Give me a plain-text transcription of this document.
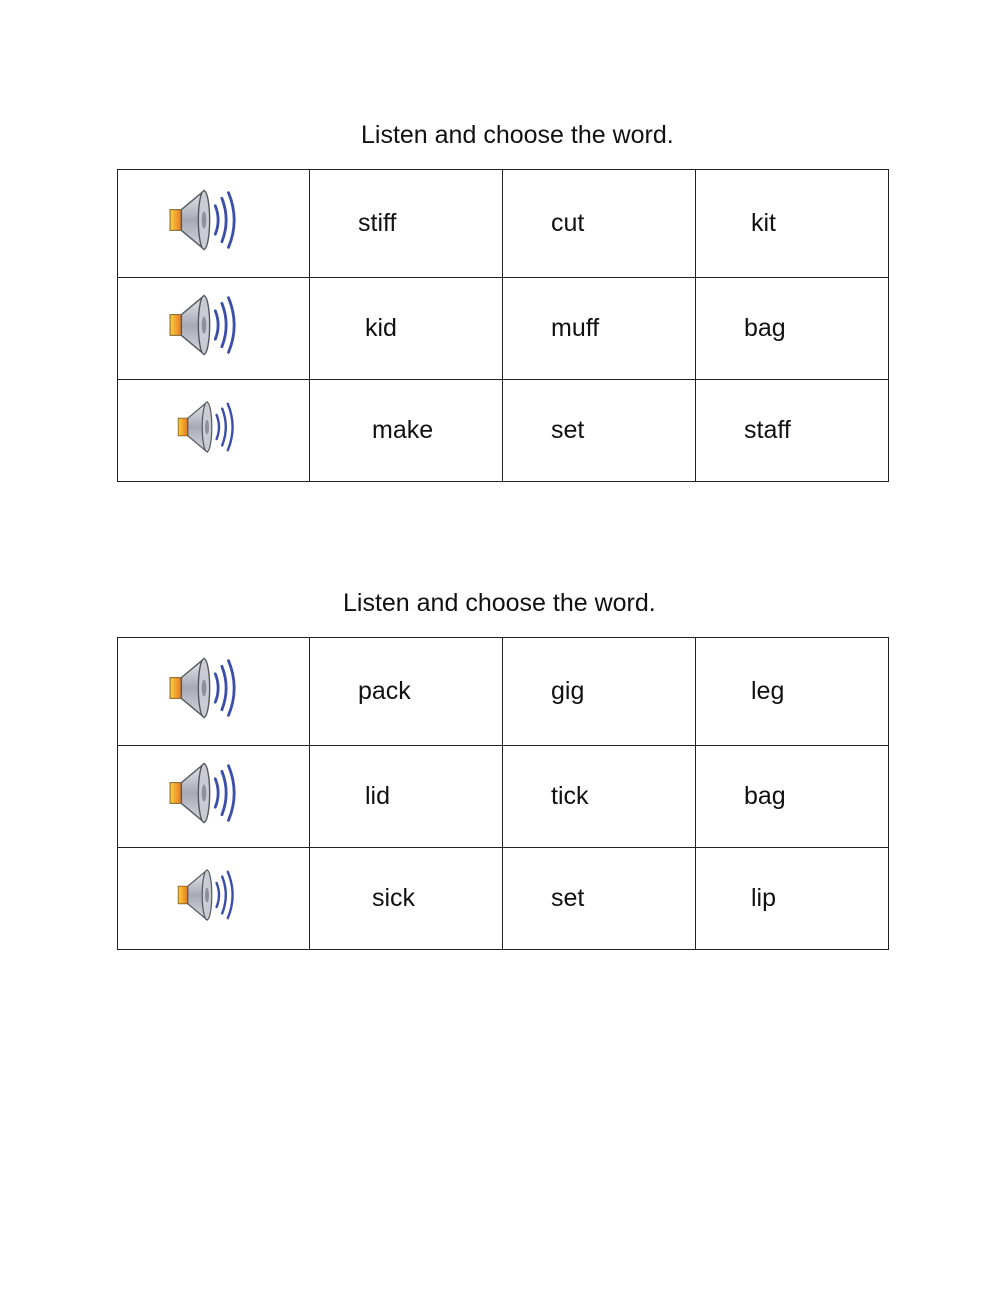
Listen and choose the word.
	stiff	cut	kit
	kid	muff	bag
	make	set	staff
Listen and choose the word.
	pack	gig	leg
	lid	tick	bag
	sick	set	lip
